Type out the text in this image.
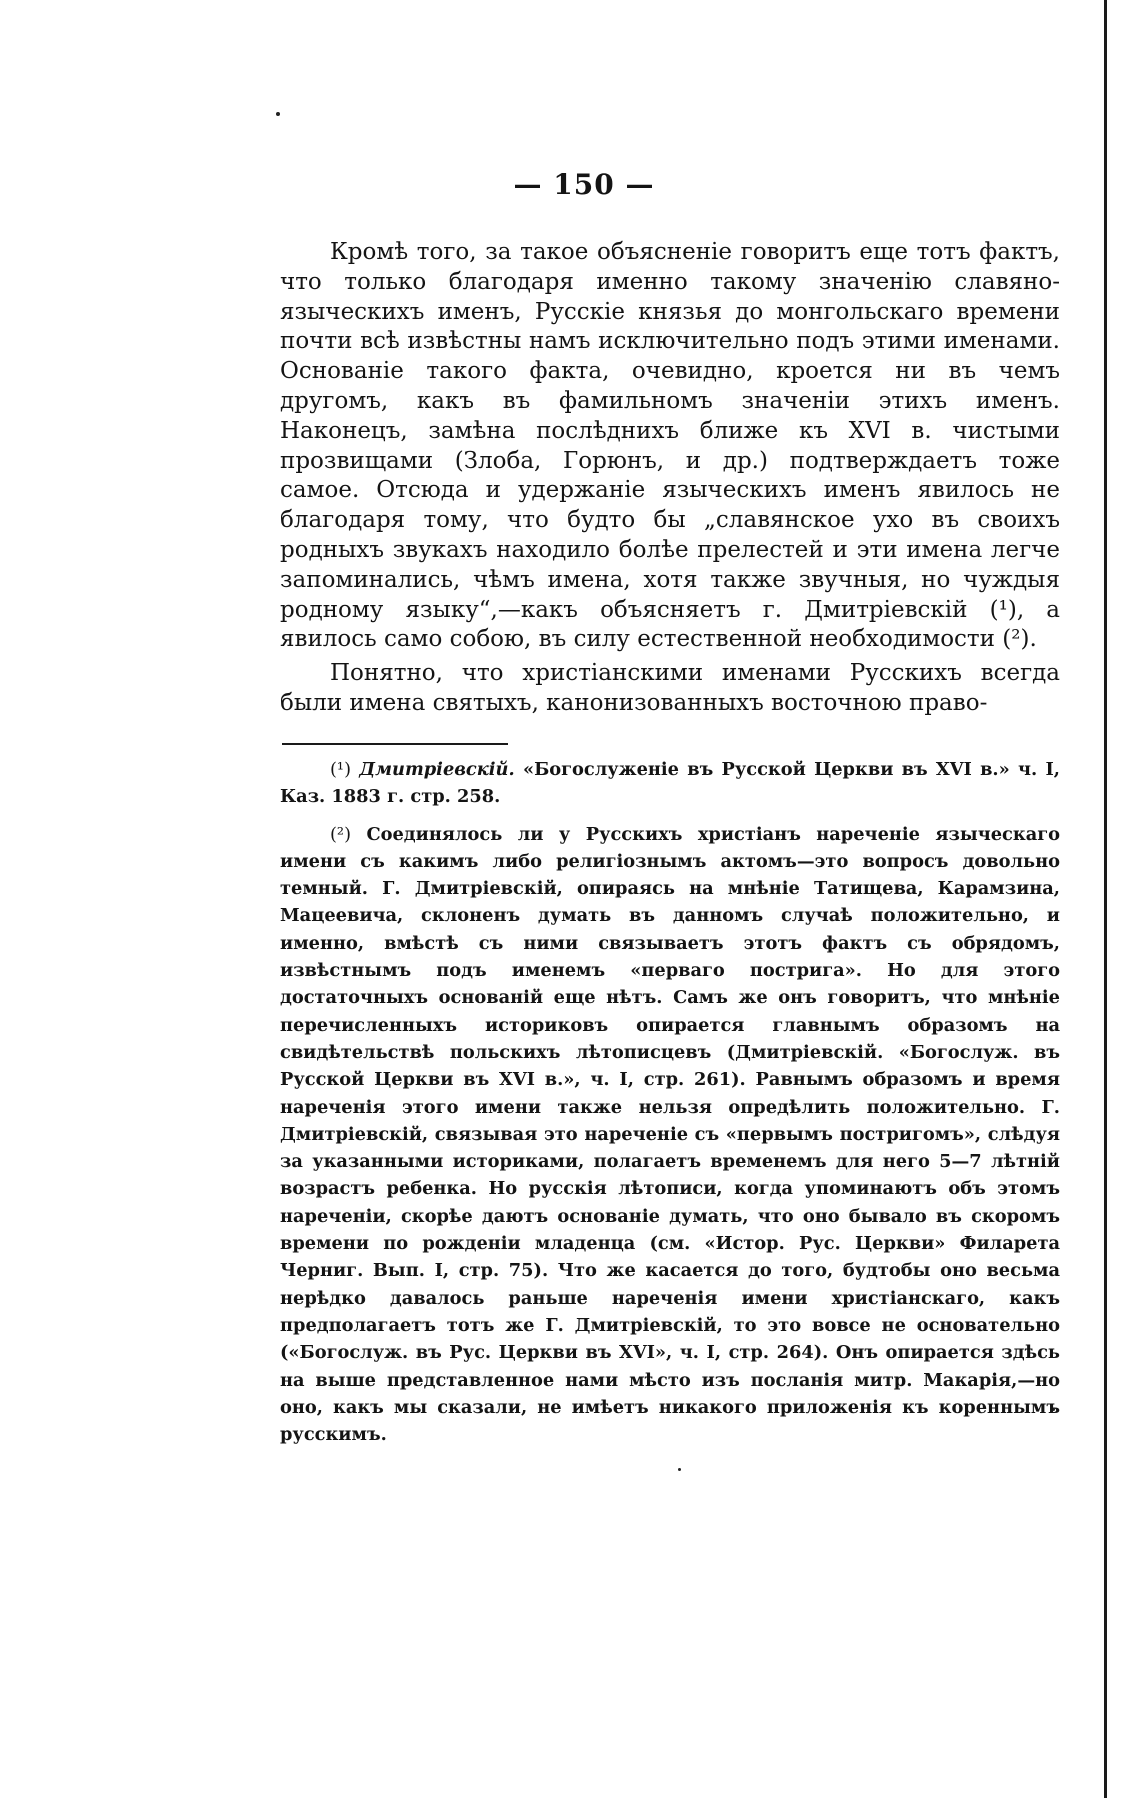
— 150 —

Кромѣ того, за такое объясненіе говоритъ еще тотъ фактъ, что только благодаря именно такому значенію славяно-языческихъ именъ, Русскіе князья до монгольскаго времени почти всѣ извѣстны намъ исключительно подъ этими именами. Основаніе такого факта, очевидно, кроется ни въ чемъ другомъ, какъ въ фамильномъ значеніи этихъ именъ. Наконецъ, замѣна послѣднихъ ближе къ XVI в. чистыми прозвищами (Злоба, Горюнъ, и др.) подтверждаетъ тоже самое. Отсюда и удержаніе языческихъ именъ явилось не благодаря тому, что будто бы „славянское ухо въ своихъ родныхъ звукахъ находило болѣе прелестей и эти имена легче запоминались, чѣмъ имена, хотя также звучныя, но чуждыя родному языку“,—какъ объясняетъ г. Дмитріевскій (¹), а явилось само собою, въ силу естественной необходимости (²).

Понятно, что христіанскими именами Русскихъ всегда были имена святыхъ, канонизованныхъ восточною право-

(¹) Дмитріевскій. «Богослуженіе въ Русской Церкви въ XVI в.» ч. I, Каз. 1883 г. стр. 258.

(²) Соединялось ли у Русскихъ христіанъ нареченіе языческаго имени съ какимъ либо религіознымъ актомъ—это вопросъ довольно темный. Г. Дмитріевскій, опираясь на мнѣніе Татищева, Карамзина, Мацеевича, склоненъ думать въ данномъ случаѣ положительно, и именно, вмѣстѣ съ ними связываетъ этотъ фактъ съ обрядомъ, извѣстнымъ подъ именемъ «перваго пострига». Но для этого достаточныхъ основаній еще нѣтъ. Самъ же онъ говоритъ, что мнѣніе перечисленныхъ историковъ опирается главнымъ образомъ на свидѣтельствѣ польскихъ лѣтописцевъ (Дмитріевскій. «Богослуж. въ Русской Церкви въ XVI в.», ч. I, стр. 261). Равнымъ образомъ и время нареченія этого имени также нельзя опредѣлить положительно. Г. Дмитріевскій, связывая это нареченіе съ «первымъ постригомъ», слѣдуя за указанными историками, полагаетъ временемъ для него 5—7 лѣтній возрастъ ребенка. Но русскія лѣтописи, когда упоминаютъ объ этомъ нареченіи, скорѣе даютъ основаніе думать, что оно бывало въ скоромъ времени по рожденіи младенца (см. «Истор. Рус. Церкви» Филарета Черниг. Вып. I, стр. 75). Что же касается до того, будтобы оно весьма нерѣдко давалось раньше нареченія имени христіанскаго, какъ предполагаетъ тотъ же Г. Дмитріевскій, то это вовсе не основательно («Богослуж. въ Рус. Церкви въ XVI», ч. I, стр. 264). Онъ опирается здѣсь на выше представленное нами мѣсто изъ посланія митр. Макарія,—но оно, какъ мы сказали, не имѣетъ никакого приложенія къ кореннымъ русскимъ.
